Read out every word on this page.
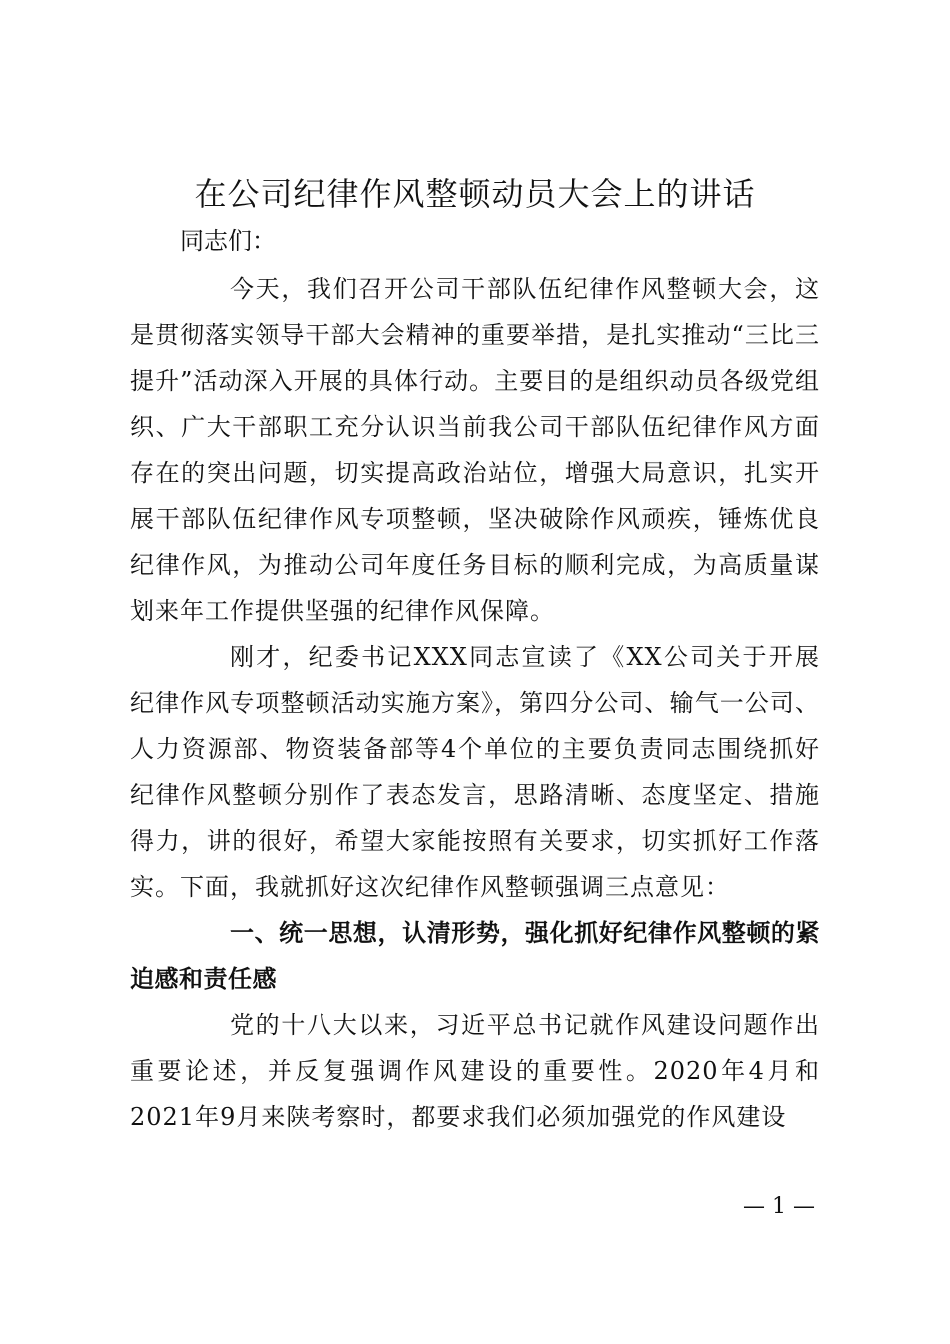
在公司纪律作风整顿动员大会上的讲话
同志们：

今天，我们召开公司干部队伍纪律作风整顿大会，这是贯彻落实领导干部大会精神的重要举措，是扎实推动“三比三提升”活动深入开展的具体行动。主要目的是组织动员各级党组织、广大干部职工充分认识当前我公司干部队伍纪律作风方面存在的突出问题，切实提高政治站位，增强大局意识，扎实开展干部队伍纪律作风专项整顿，坚决破除作风顽疾，锤炼优良纪律作风，为推动公司年度任务目标的顺利完成，为高质量谋划来年工作提供坚强的纪律作风保障。

刚才，纪委书记XXX同志宣读了《XX公司关于开展纪律作风专项整顿活动实施方案》，第四分公司、输气一公司、人力资源部、物资装备部等4个单位的主要负责同志围绕抓好纪律作风整顿分别作了表态发言，思路清晰、态度坚定、措施得力，讲的很好，希望大家能按照有关要求，切实抓好工作落实。下面，我就抓好这次纪律作风整顿强调三点意见：

一、统一思想，认清形势，强化抓好纪律作风整顿的紧迫感和责任感

党的十八大以来，习近平总书记就作风建设问题作出重要论述，并反复强调作风建设的重要性。2020年4月和2021年9月来陕考察时，都要求我们必须加强党的作风建设

— 1 —
